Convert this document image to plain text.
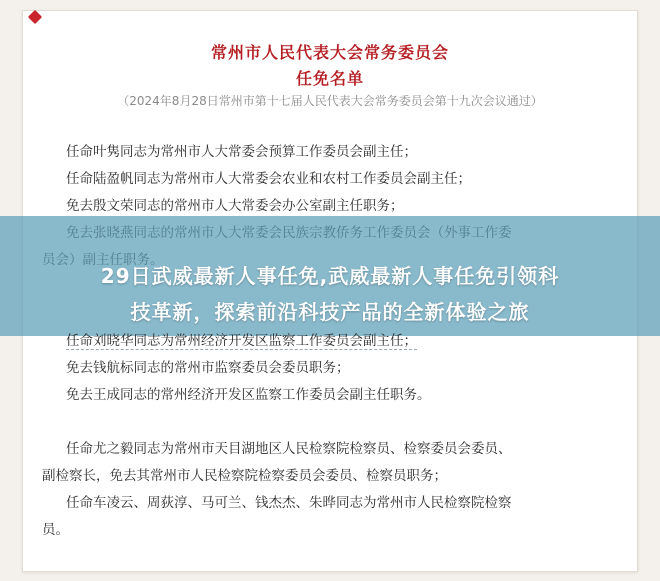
常州市人民代表大会常务委员会
任免名单
（2024年8月28日常州市第十七届人民代表大会常务委员会第十九次会议通过）
任命叶隽同志为常州市人大常委会预算工作委员会副主任；
任命陆盈帆同志为常州市人大常委会农业和农村工作委员会副主任；
免去殷文荣同志的常州市人大常委会办公室副主任职务；
29日武威最新人事任免,武威最新人事任免引领科
技革新，探索前沿科技产品的全新体验之旅
任命刘晓华同志为常州经济开发区监察工作委员会副主任；
免去钱航标同志的常州市监察委员会委员职务；
免去王成同志的常州经济开发区监察工作委员会副主任职务。
任命尤之毅同志为常州市天目湖地区人民检察院检察员、检察委员会委员、
副检察长，免去其常州市人民检察院检察委员会委员、检察员职务；
任命车凌云、周荻淳、马可兰、钱杰杰、朱晔同志为常州市人民检察院检察
员。
